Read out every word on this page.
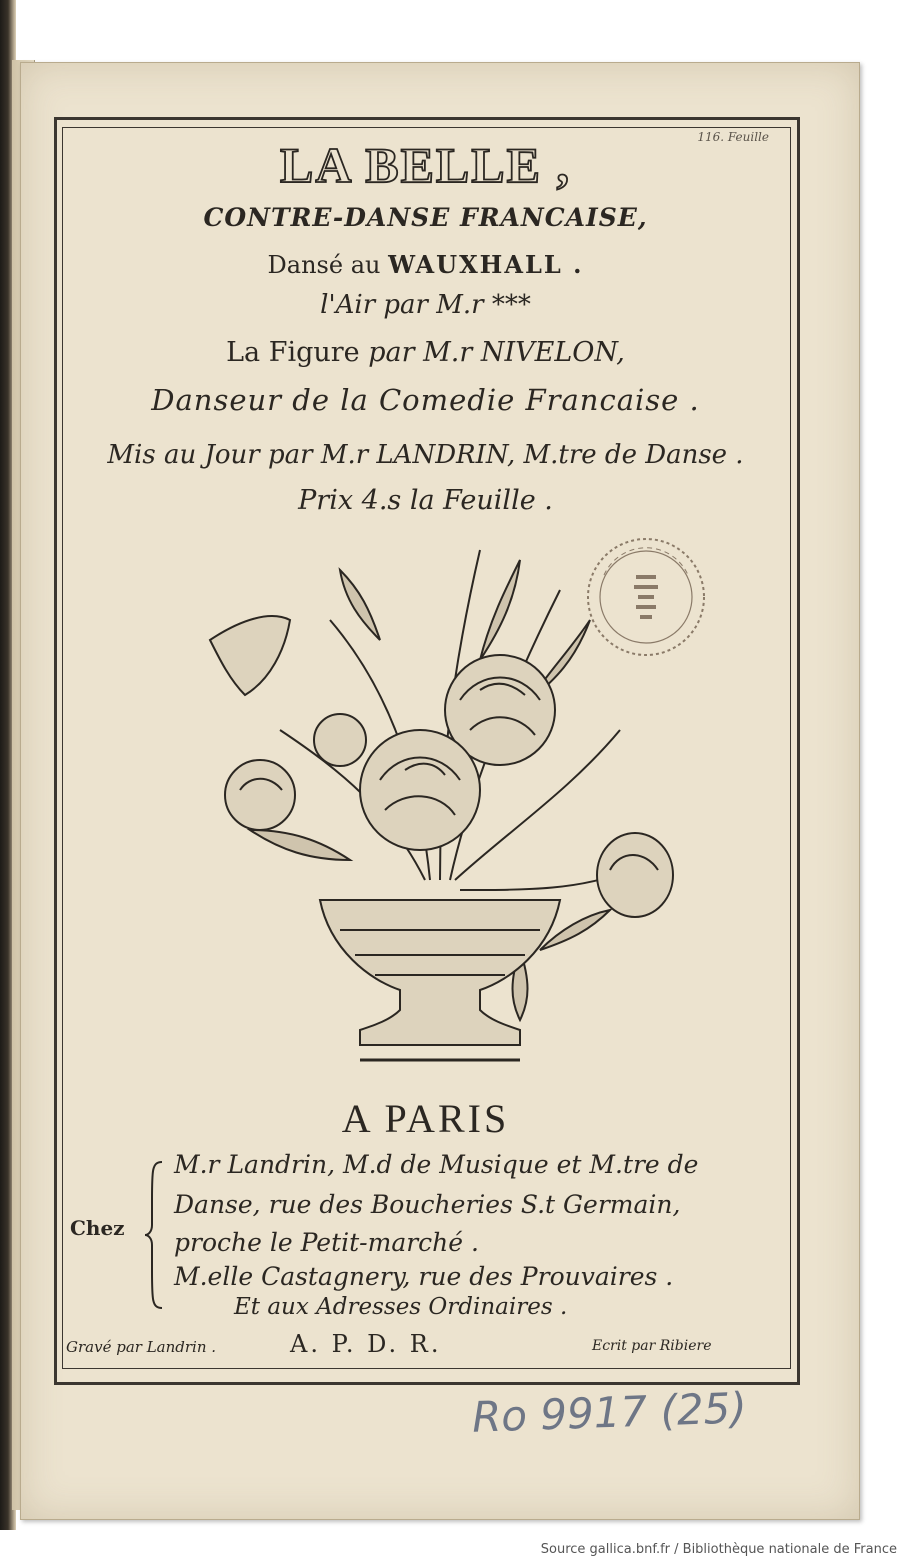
116. Feuille
LA BELLE ,
CONTRE-DANSE FRANCAISE,
Dansé au WAUXHALL .
l'Air par M.r ***
La Figure par M.r NIVELON,
Danseur de la Comedie Francaise .
Mis au Jour par M.r LANDRIN, M.tre de Danse .
Prix 4.s la Feuille .
A PARIS
Chez
M.r Landrin, M.d de Musique et M.tre de
Danse, rue des Boucheries S.t Germain,
proche le Petit-marché .
M.elle Castagnery, rue des Prouvaires .
Et aux Adresses Ordinaires .
Gravé par Landrin .	A. P. D. R.	Ecrit par Ribiere
Ro 9917 (25)
Source gallica.bnf.fr / Bibliothèque nationale de France
